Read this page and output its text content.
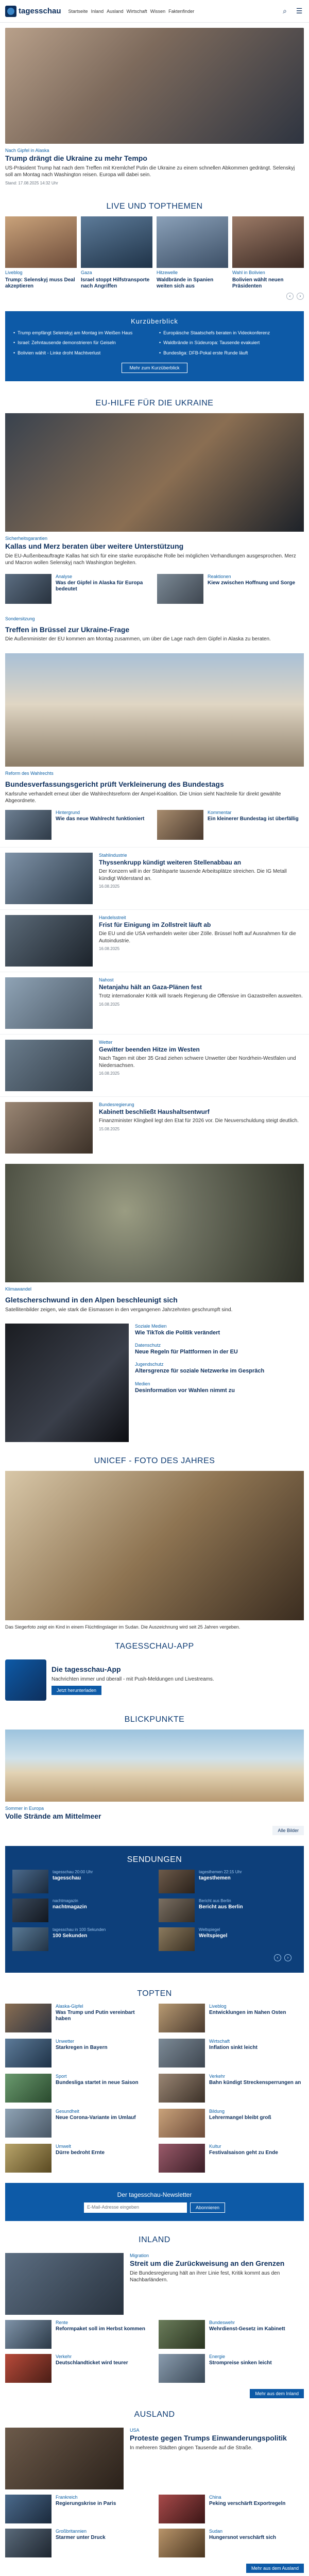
tagesschau Startseite Inland Ausland Wirtschaft Wissen Faktenfinder	⌕	☰
Nach Gipfel in Alaska
Trump drängt die Ukraine zu mehr Tempo
US-Präsident Trump hat nach dem Treffen mit Kremlchef Putin die Ukraine zu einem schnellen Abkommen gedrängt. Selenskyj soll am Montag nach Washington reisen. Europa will dabei sein.
Stand: 17.08.2025 14:32 Uhr
LIVE UND TOPTHEMEN
Liveblog
Trump: Selenskyj muss Deal akzeptieren
Gaza
Israel stoppt Hilfstransporte nach Angriffen
Hitzewelle
Waldbrände in Spanien weiten sich aus
Wahl in Bolivien
Bolivien wählt neuen Präsidenten
‹	›
Kurzüberblick
• Trump empfängt Selenskyj am Montag im Weißen Haus	• Europäische Staatschefs beraten in Videokonferenz
• Israel: Zehntausende demonstrieren für Geiseln	• Waldbrände in Südeuropa: Tausende evakuiert
• Bolivien wählt - Linke droht Machtverlust	• Bundesliga: DFB-Pokal erste Runde läuft
Mehr zum Kurzüberblick
EU-HILFE FÜR DIE UKRAINE
Sicherheitsgarantien
Kallas und Merz beraten über weitere Unterstützung
Die EU-Außenbeauftragte Kallas hat sich für eine starke europäische Rolle bei möglichen Verhandlungen ausgesprochen. Merz und Macron wollen Selenskyj nach Washington begleiten.
Analyse
Was der Gipfel in Alaska für Europa bedeutet
Reaktionen
Kiew zwischen Hoffnung und Sorge
Sondersitzung
Treffen in Brüssel zur Ukraine-Frage
Die Außenminister der EU kommen am Montag zusammen, um über die Lage nach dem Gipfel in Alaska zu beraten.
Reform des Wahlrechts
Bundesverfassungsgericht prüft Verkleinerung des Bundestags
Karlsruhe verhandelt erneut über die Wahlrechtsreform der Ampel-Koalition. Die Union sieht Nachteile für direkt gewählte Abgeordnete.
Hintergrund
Wie das neue Wahlrecht funktioniert
Kommentar
Ein kleinerer Bundestag ist überfällig
Stahlindustrie
Thyssenkrupp kündigt weiteren Stellenabbau an
Der Konzern will in der Stahlsparte tausende Arbeitsplätze streichen. Die IG Metall kündigt Widerstand an.
16.08.2025
Handelsstreit
Frist für Einigung im Zollstreit läuft ab
Die EU und die USA verhandeln weiter über Zölle. Brüssel hofft auf Ausnahmen für die Autoindustrie.
16.08.2025
Nahost
Netanjahu hält an Gaza-Plänen fest
Trotz internationaler Kritik will Israels Regierung die Offensive im Gazastreifen ausweiten.
16.08.2025
Wetter
Gewitter beenden Hitze im Westen
Nach Tagen mit über 35 Grad ziehen schwere Unwetter über Nordrhein-Westfalen und Niedersachsen.
16.08.2025
Bundesregierung
Kabinett beschließt Haushaltsentwurf
Finanzminister Klingbeil legt den Etat für 2026 vor. Die Neuverschuldung steigt deutlich.
15.08.2025
Klimawandel
Gletscherschwund in den Alpen beschleunigt sich
Satellitenbilder zeigen, wie stark die Eismassen in den vergangenen Jahrzehnten geschrumpft sind.
Soziale Medien
Wie TikTok die Politik verändert
Datenschutz
Neue Regeln für Plattformen in der EU
Jugendschutz
Altersgrenze für soziale Netzwerke im Gespräch
Medien
Desinformation vor Wahlen nimmt zu
UNICEF - FOTO DES JAHRES
Das Siegerfoto zeigt ein Kind in einem Flüchtlingslager im Sudan. Die Auszeichnung wird seit 25 Jahren vergeben.
TAGESSCHAU-APP
Die tagesschau-App
Nachrichten immer und überall - mit Push-Meldungen und Livestreams.
Jetzt herunterladen
BLICKPUNKTE
Sommer in Europa
Volle Strände am Mittelmeer
Alle Bilder
SENDUNGEN
tagesschau 20:00 Uhr
tagesschau
tagesthemen 22:15 Uhr
tagesthemen
nachtmagazin
nachtmagazin
Bericht aus Berlin
Bericht aus Berlin
tagesschau in 100 Sekunden
100 Sekunden
Weltspiegel
Weltspiegel
‹	›
TOPTEN
Alaska-Gipfel
Was Trump und Putin vereinbart haben
Liveblog
Entwicklungen im Nahen Osten
Unwetter
Starkregen in Bayern
Wirtschaft
Inflation sinkt leicht
Sport
Bundesliga startet in neue Saison
Verkehr
Bahn kündigt Streckensperrungen an
Gesundheit
Neue Corona-Variante im Umlauf
Bildung
Lehrermangel bleibt groß
Umwelt
Dürre bedroht Ernte
Kultur
Festivalsaison geht zu Ende
Der tagesschau-Newsletter
E-Mail-Adresse eingeben	Abonnieren
INLAND
Migration
Streit um die Zurückweisung an den Grenzen
Die Bundesregierung hält an ihrer Linie fest, Kritik kommt aus den Nachbarländern.
Rente
Reformpaket soll im Herbst kommen
Bundeswehr
Wehrdienst-Gesetz im Kabinett
Verkehr
Deutschlandticket wird teurer
Energie
Strompreise sinken leicht
Mehr aus dem Inland
AUSLAND
USA
Proteste gegen Trumps Einwanderungspolitik
In mehreren Städten gingen Tausende auf die Straße.
Frankreich
Regierungskrise in Paris
China
Peking verschärft Exportregeln
Großbritannien
Starmer unter Druck
Sudan
Hungersnot verschärft sich
Mehr aus dem Ausland
